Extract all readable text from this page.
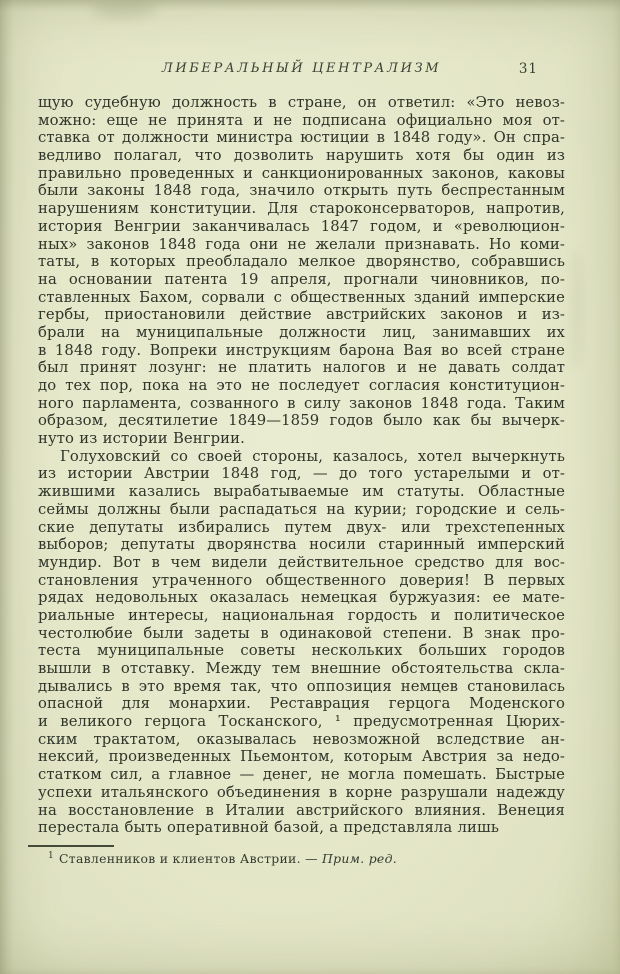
ЛИБЕРАЛЬНЫЙ ЦЕНТРАЛИЗМ	31
щую судебную должность в стране, он ответил: «Это невоз-
можно: еще не принята и не подписана официально моя от-
ставка от должности министра юстиции в 1848 году». Он спра-
ведливо полагал, что дозволить нарушить хотя бы один из
правильно проведенных и санкционированных законов, каковы
были законы 1848 года, значило открыть путь беспрестанным
нарушениям конституции. Для староконсерваторов, напротив,
история Венгрии заканчивалась 1847 годом, и «революцион-
ных» законов 1848 года они не желали признавать. Но коми-
таты, в которых преобладало мелкое дворянство, собравшись
на основании патента 19 апреля, прогнали чиновников, по-
ставленных Бахом, сорвали с общественных зданий имперские
гербы, приостановили действие австрийских законов и из-
брали на муниципальные должности лиц, занимавших их
в 1848 году. Вопреки инструкциям барона Вая во всей стране
был принят лозунг: не платить налогов и не давать солдат
до тех пор, пока на это не последует согласия конституцион-
ного парламента, созванного в силу законов 1848 года. Таким
образом, десятилетие 1849—1859 годов было как бы вычерк-
нуто из истории Венгрии.
Голуховский со своей стороны, казалось, хотел вычеркнуть
из истории Австрии 1848 год, — до того устарелыми и от-
жившими казались вырабатываемые им статуты. Областные
сеймы должны были распадаться на курии; городские и сель-
ские депутаты избирались путем двух- или трехстепенных
выборов; депутаты дворянства носили старинный имперский
мундир. Вот в чем видели действительное средство для вос-
становления утраченного общественного доверия! В первых
рядах недовольных оказалась немецкая буржуазия: ее мате-
риальные интересы, национальная гордость и политическое
честолюбие были задеты в одинаковой степени. В знак про-
теста муниципальные советы нескольких больших городов
вышли в отставку. Между тем внешние обстоятельства скла-
дывались в это время так, что оппозиция немцев становилась
опасной для монархии. Реставрация герцога Моденского
и великого герцога Тосканского, ¹ предусмотренная Цюрих-
ским трактатом, оказывалась невозможной вследствие ан-
нексий, произведенных Пьемонтом, которым Австрия за недо-
статком сил, а главное — денег, не могла помешать. Быстрые
успехи итальянского объединения в корне разрушали надежду
на восстановление в Италии австрийского влияния. Венеция
перестала быть оперативной базой, а представляла лишь
$^1$ Ставленников и клиентов Австрии. — Прим. ред.
